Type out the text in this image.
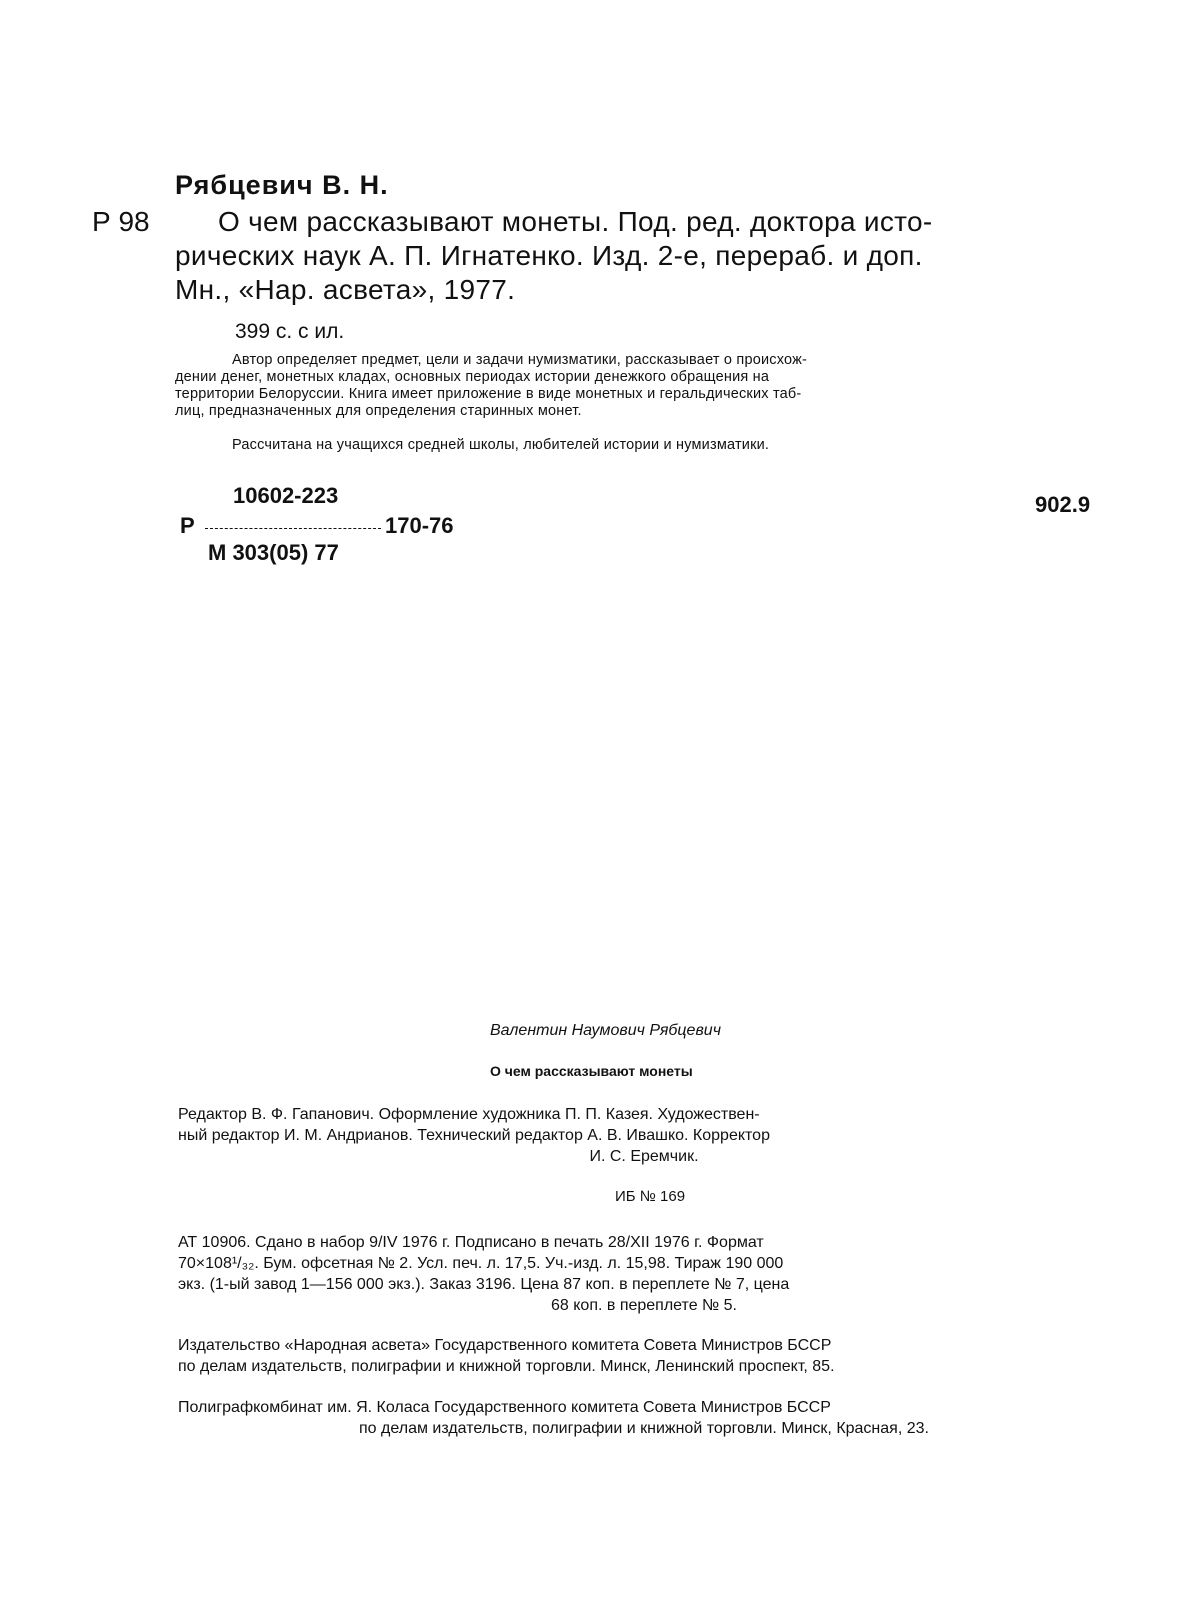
Рябцевич В. Н.
Р 98 О чем рассказывают монеты. Под. ред. доктора исто-
рических наук А. П. Игнатенко. Изд. 2-е, перераб. и доп.
Мн., «Нар. асвета», 1977.
399 с. с ил.
Автор определяет предмет, цели и задачи нумизматики, рассказывает о происхож-
дении денег, монетных кладах, основных периодах истории денежкого обращения на
территории Белоруссии. Книга имеет приложение в виде монетных и геральдических таб-
лиц, предназначенных для определения старинных монет.
Рассчитана на учащихся средней школы, любителей истории и нумизматики.
10602-223
Р	170-76
М 303(05) 77
902.9
Валентин Наумович Рябцевич
О чем рассказывают монеты
Редактор В. Ф. Гапанович. Оформление художника П. П. Казея. Художествен-
ный редактор И. М. Андрианов. Технический редактор А. В. Ивашко. Корректор
И. С. Еремчик.
ИБ № 169
АТ 10906. Сдано в набор 9/IV 1976 г. Подписано в печать 28/XII 1976 г. Формат
70×108¹/₃₂. Бум. офсетная № 2. Усл. печ. л. 17,5. Уч.-изд. л. 15,98. Тираж 190 000
экз. (1-ый завод 1—156 000 экз.). Заказ 3196. Цена 87 коп. в переплете № 7, цена
68 коп. в переплете № 5.
Издательство «Народная асвета» Государственного комитета Совета Министров БССР
по делам издательств, полиграфии и книжной торговли. Минск, Ленинский проспект, 85.
Полиграфкомбинат им. Я. Коласа Государственного комитета Совета Министров БССР
по делам издательств, полиграфии и книжной торговли. Минск, Красная, 23.
